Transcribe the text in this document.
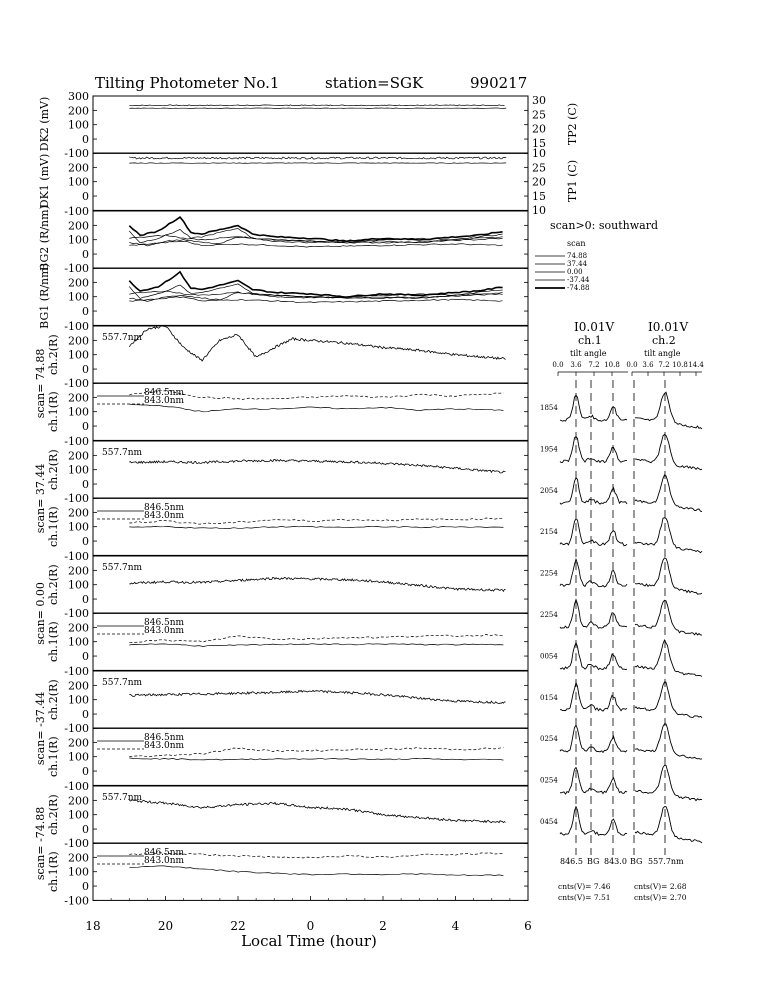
Tilting Photometer No.1	station=SGK	990217
DK2 (mV)
DK1 (mV)
BG2 (R/nm)
BG1 (R/nm)
TP2 (C)
TP1 (C)
Local Time (hour)
scan>0: southward
scan
I0.01V	I0.01V
ch.1	ch.2
tilt angle	tilt angle
846.5 BG 843.0 BG 557.7nm
cnts(V)= 7.46
cnts(V)= 7.51
cnts(V)= 2.68
cnts(V)= 2.70
300
200
100
0
-100
200
100
0
-100
200
100
0
-100
200
100
0
-100
200
100
0
-100
200
100
0
-100
200
100
0
-100
200
100
0
-100
200
100
0
-100
200
100
0
-100
200
100
0
-100
200
100
0
-100
200
100
0
-100
200
100
0
-100
30
25
20
15
10
25
20
15
10
18	20	22	0	2	4	6
557.7nm
846.5nm
843.0nm
scan= 74.88 ch.2(R)
ch.1(R)
557.7nm
846.5nm
843.0nm
scan= 37.44 ch.2(R)
ch.1(R)
557.7nm
846.5nm
843.0nm
scan= 0.00 ch.2(R)
ch.1(R)
557.7nm
846.5nm
843.0nm
scan= -37.44 ch.2(R)
ch.1(R)
557.7nm
846.5nm
843.0nm
scan= -74.88 ch.2(R)
ch.1(R)
74.88
37.44
0.00
-37.44
-74.88
0.0 3.6 7.2 10.8 0.0 3.6 7.2 10.8 14.4
1854
1954
2054
2154
2254
2254
0054
0154
0254
0254
0454
